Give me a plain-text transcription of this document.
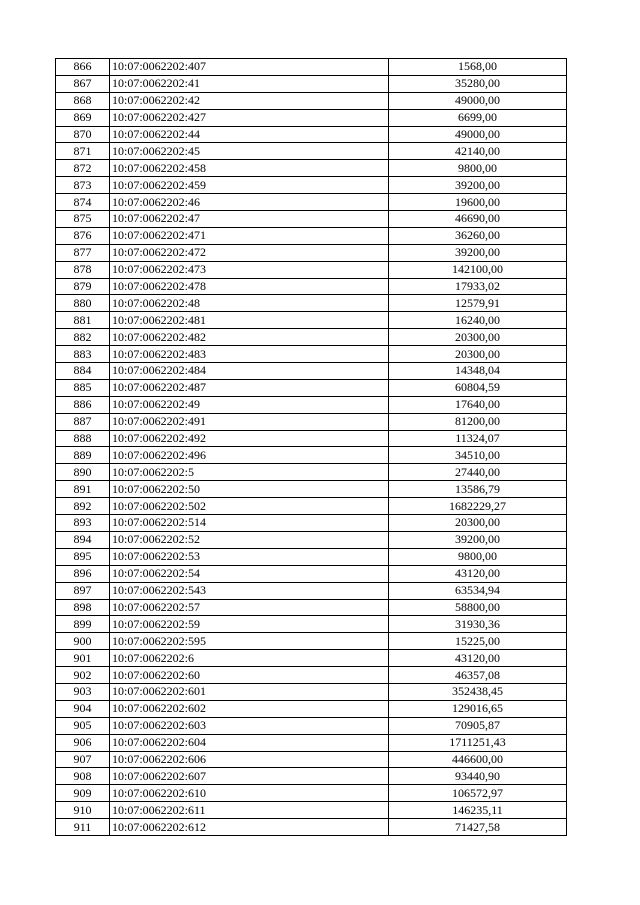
866	10:07:0062202:407	1568,00
867	10:07:0062202:41	35280,00
868	10:07:0062202:42	49000,00
869	10:07:0062202:427	6699,00
870	10:07:0062202:44	49000,00
871	10:07:0062202:45	42140,00
872	10:07:0062202:458	9800,00
873	10:07:0062202:459	39200,00
874	10:07:0062202:46	19600,00
875	10:07:0062202:47	46690,00
876	10:07:0062202:471	36260,00
877	10:07:0062202:472	39200,00
878	10:07:0062202:473	142100,00
879	10:07:0062202:478	17933,02
880	10:07:0062202:48	12579,91
881	10:07:0062202:481	16240,00
882	10:07:0062202:482	20300,00
883	10:07:0062202:483	20300,00
884	10:07:0062202:484	14348,04
885	10:07:0062202:487	60804,59
886	10:07:0062202:49	17640,00
887	10:07:0062202:491	81200,00
888	10:07:0062202:492	11324,07
889	10:07:0062202:496	34510,00
890	10:07:0062202:5	27440,00
891	10:07:0062202:50	13586,79
892	10:07:0062202:502	1682229,27
893	10:07:0062202:514	20300,00
894	10:07:0062202:52	39200,00
895	10:07:0062202:53	9800,00
896	10:07:0062202:54	43120,00
897	10:07:0062202:543	63534,94
898	10:07:0062202:57	58800,00
899	10:07:0062202:59	31930,36
900	10:07:0062202:595	15225,00
901	10:07:0062202:6	43120,00
902	10:07:0062202:60	46357,08
903	10:07:0062202:601	352438,45
904	10:07:0062202:602	129016,65
905	10:07:0062202:603	70905,87
906	10:07:0062202:604	1711251,43
907	10:07:0062202:606	446600,00
908	10:07:0062202:607	93440,90
909	10:07:0062202:610	106572,97
910	10:07:0062202:611	146235,11
911	10:07:0062202:612	71427,58
